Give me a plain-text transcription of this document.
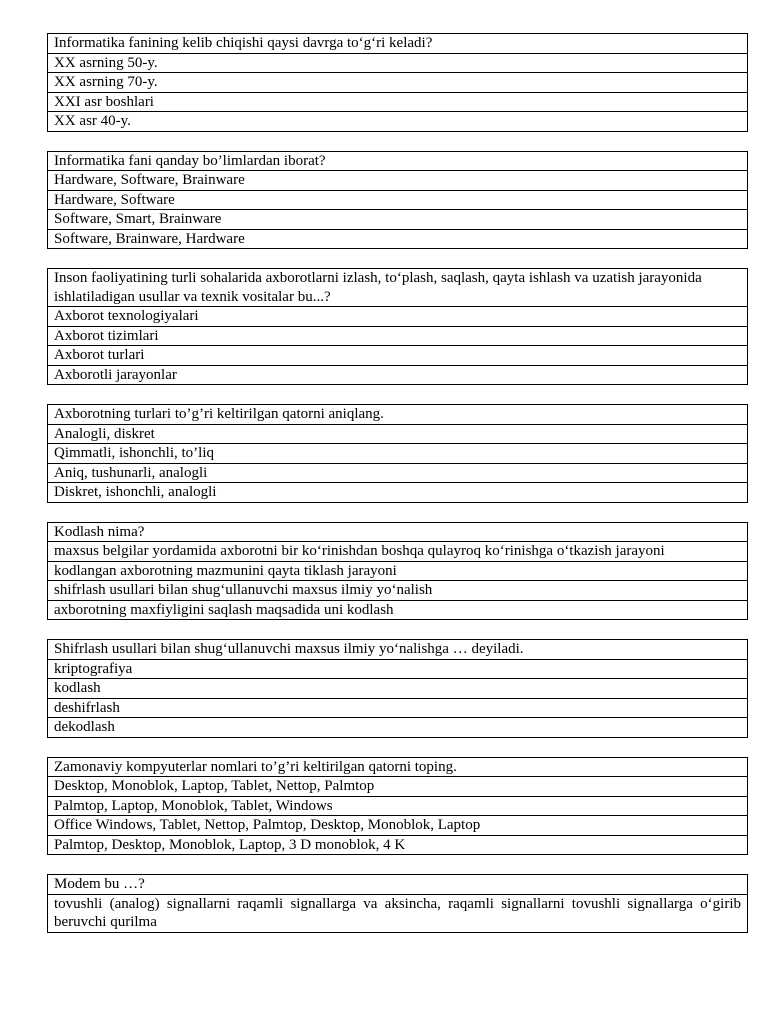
Informatika fanining kelib chiqishi qaysi davrga to‘g‘ri keladi?
XX asrning 50-y.
XX asrning 70-y.
XXI asr boshlari
XX asr 40-y.
Informatika fani qanday bo’limlardan iborat?
Hardware, Software, Brainware
Hardware, Software
Software, Smart, Brainware
Software, Brainware, Hardware
Inson faoliyatining turli sohalarida axborotlarni izlash, to‘plash, saqlash, qayta ishlash va uzatish jarayonida ishlatiladigan usullar va texnik vositalar bu...?
Axborot texnologiyalari
Axborot tizimlari
Axborot turlari
Axborotli jarayonlar
Axborotning turlari to’g’ri keltirilgan qatorni aniqlang.
Analogli, diskret
Qimmatli, ishonchli, to’liq
Aniq, tushunarli, analogli
Diskret, ishonchli, analogli
Kodlash nima?
maxsus belgilar yordamida axborotni bir ko‘rinishdan boshqa qulayroq ko‘rinishga o‘tkazish jarayoni
kodlangan axborotning mazmunini qayta tiklash jarayoni
shifrlash usullari bilan shug‘ullanuvchi maxsus ilmiy yo‘nalish
axborotning maxfiyligini saqlash maqsadida uni kodlash
Shifrlash usullari bilan shug‘ullanuvchi maxsus ilmiy yo‘nalishga … deyiladi.
kriptografiya
kodlash
deshifrlash
dekodlash
Zamonaviy kompyuterlar nomlari to’g’ri keltirilgan qatorni toping.
Desktop, Monoblok, Laptop, Tablet, Nettop, Palmtop
Palmtop, Laptop, Monoblok, Tablet, Windows
Office Windows, Tablet, Nettop, Palmtop, Desktop, Monoblok, Laptop
Palmtop, Desktop, Monoblok, Laptop, 3 D monoblok, 4 K
Modem bu …?
tovushli (analog) signallarni raqamli signallarga va aksincha, raqamli signallarni tovushli signallarga o‘girib beruvchi qurilma
